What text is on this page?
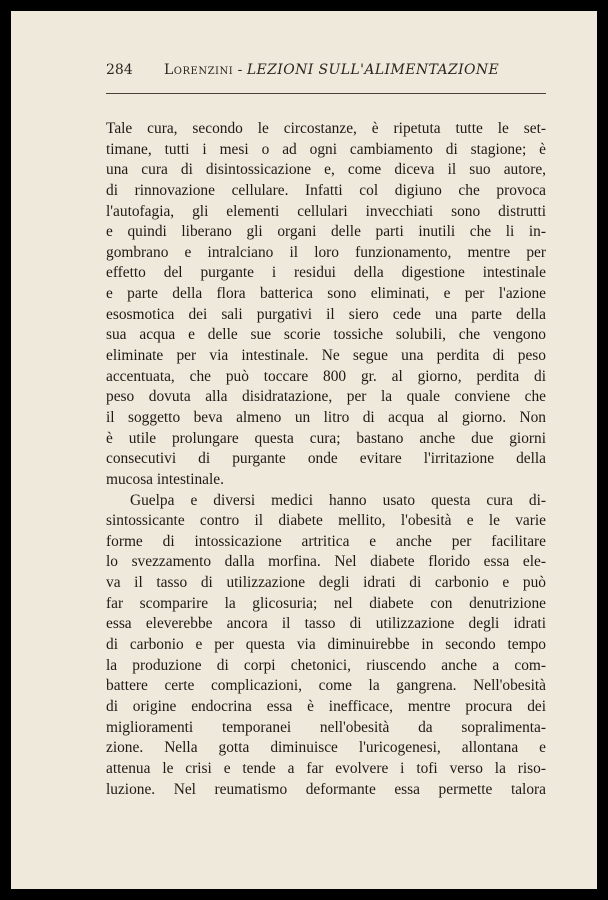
284 Lorenzini - LEZIONI SULL'ALIMENTAZIONE
Tale cura, secondo le circostanze, è ripetuta tutte le set-
timane, tutti i mesi o ad ogni cambiamento di stagione; è
una cura di disintossicazione e, come diceva il suo autore,
di rinnovazione cellulare. Infatti col digiuno che provoca
l'autofagia, gli elementi cellulari invecchiati sono distrutti
e quindi liberano gli organi delle parti inutili che li in-
gombrano e intralciano il loro funzionamento, mentre per
effetto del purgante i residui della digestione intestinale
e parte della flora batterica sono eliminati, e per l'azione
esosmotica dei sali purgativi il siero cede una parte della
sua acqua e delle sue scorie tossiche solubili, che vengono
eliminate per via intestinale. Ne segue una perdita di peso
accentuata, che può toccare 800 gr. al giorno, perdita di
peso dovuta alla disidratazione, per la quale conviene che
il soggetto beva almeno un litro di acqua al giorno. Non
è utile prolungare questa cura; bastano anche due giorni
consecutivi di purgante onde evitare l'irritazione della
mucosa intestinale.
Guelpa e diversi medici hanno usato questa cura di-
sintossicante contro il diabete mellito, l'obesità e le varie
forme di intossicazione artritica e anche per facilitare
lo svezzamento dalla morfina. Nel diabete florido essa ele-
va il tasso di utilizzazione degli idrati di carbonio e può
far scomparire la glicosuria; nel diabete con denutrizione
essa eleverebbe ancora il tasso di utilizzazione degli idrati
di carbonio e per questa via diminuirebbe in secondo tempo
la produzione di corpi chetonici, riuscendo anche a com-
battere certe complicazioni, come la gangrena. Nell'obesità
di origine endocrina essa è inefficace, mentre procura dei
miglioramenti temporanei nell'obesità da sopralimenta-
zione. Nella gotta diminuisce l'uricogenesi, allontana e
attenua le crisi e tende a far evolvere i tofi verso la riso-
luzione. Nel reumatismo deformante essa permette talora
